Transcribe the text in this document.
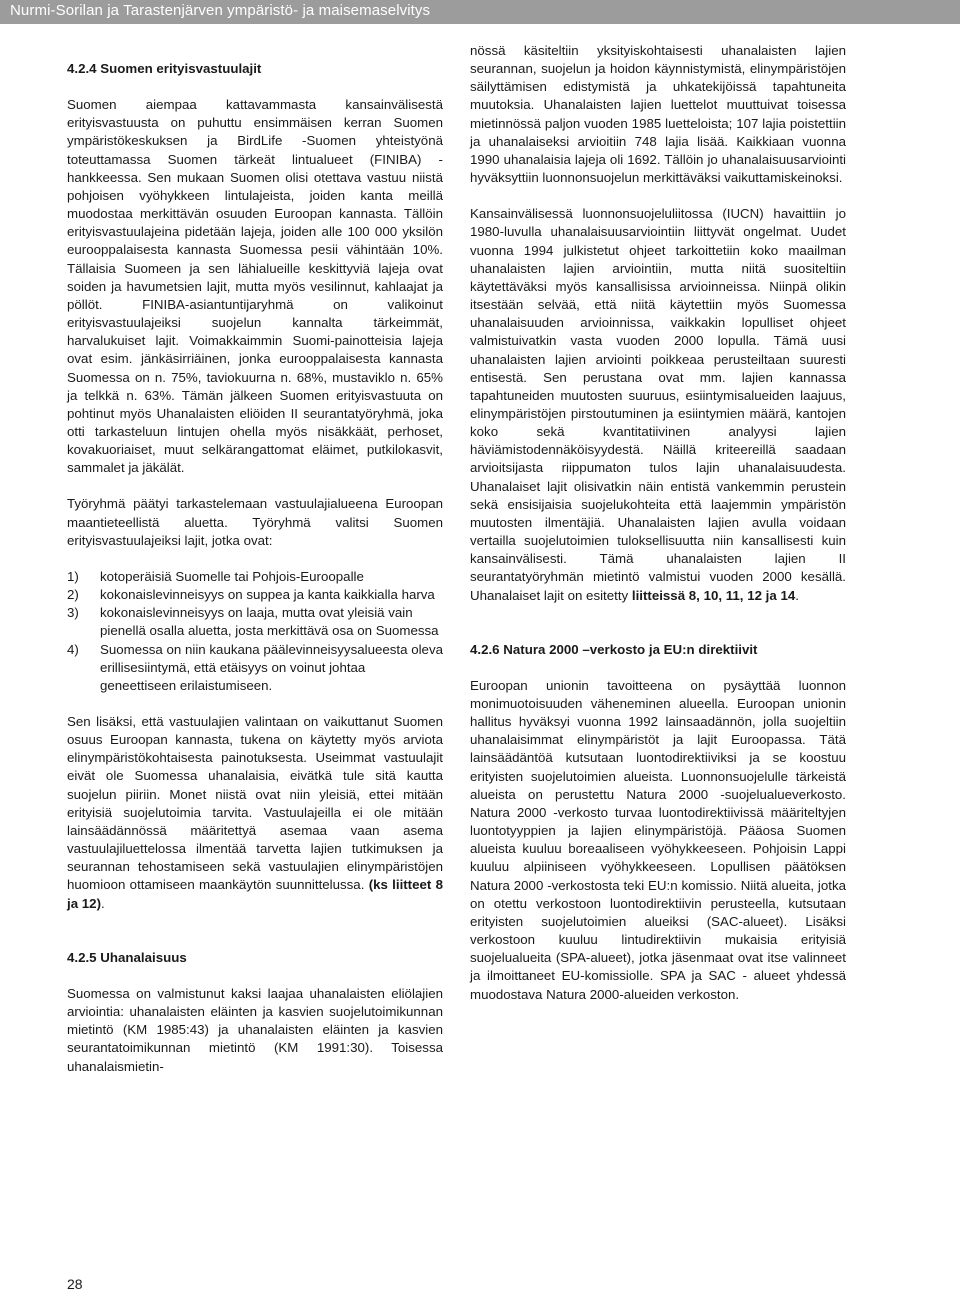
Nurmi-Sorilan ja Tarastenjärven ympäristö- ja maisemaselvitys
4.2.4 Suomen erityisvastuulajit

Suomen aiempaa kattavammasta kansainvälisestä erityisvastuusta on puhuttu ensimmäisen kerran Suomen ympäristökeskuksen ja BirdLife -Suomen yhteistyönä toteuttamassa Suomen tärkeät lintualueet (FINIBA) -hankkeessa. Sen mukaan Suomen olisi otettava vastuu niistä pohjoisen vyöhykkeen lintulajeista, joiden kanta meillä muodostaa merkittävän osuuden Euroopan kannasta. Tällöin erityisvastuulajeina pidetään lajeja, joiden alle 100 000 yksilön eurooppalaisesta kannasta Suomessa pesii vähintään 10%. Tällaisia Suomeen ja sen lähialueille keskittyviä lajeja ovat soiden ja havumetsien lajit, mutta myös vesilinnut, kahlaajat ja pöllöt. FINIBA-asiantuntijaryhmä on valikoinut erityisvastuulajeiksi suojelun kannalta tärkeimmät, harvalukuiset lajit. Voimakkaimmin Suomi-painotteisia lajeja ovat esim. jänkäsirriäinen, jonka eurooppalaisesta kannasta Suomessa on n. 75%, taviokuurna n. 68%, mustaviklo n. 65% ja telkkä n. 63%. Tämän jälkeen Suomen erityisvastuuta on pohtinut myös Uhanalaisten eliöiden II seurantatyöryhmä, joka otti tarkasteluun lintujen ohella myös nisäkkäät, perhoset, kovakuoriaiset, muut selkärangattomat eläimet, putkilokasvit, sammalet ja jäkälät.

Työryhmä päätyi tarkastelemaan vastuulajialueena Euroopan maantieteellistä aluetta. Työryhmä valitsi Suomen erityisvastuulajeiksi lajit, jotka ovat:

1) kotoperäisiä Suomelle tai Pohjois-Euroopalle
2) kokonaislevinneisyys on suppea ja kanta kaikkialla harva
3) kokonaislevinneisyys on laaja, mutta ovat yleisiä vain pienellä osalla aluetta, josta merkittävä osa on Suomessa
4) Suomessa on niin kaukana päälevinneisyysalueesta oleva erillisesiintymä, että etäisyys on voinut johtaa geneettiseen erilaistumiseen.

Sen lisäksi, että vastuulajien valintaan on vaikuttanut Suomen osuus Euroopan kannasta, tukena on käytetty myös arviota elinympäristökohtaisesta painotuksesta. Useimmat vastuulajit eivät ole Suomessa uhanalaisia, eivätkä tule sitä kautta suojelun piiriin. Monet niistä ovat niin yleisiä, ettei mitään erityisiä suojelutoimia tarvita. Vastuulajeilla ei ole mitään lainsäädännössä määritettyä asemaa vaan asema vastuulajiluettelossa ilmentää tarvetta lajien tutkimuksen ja seurannan tehostamiseen sekä vastuulajien elinympäristöjen huomioon ottamiseen maankäytön suunnittelussa. (ks liitteet 8 ja 12).

4.2.5 Uhanalaisuus

Suomessa on valmistunut kaksi laajaa uhanalaisten eliölajien arviointia: uhanalaisten eläinten ja kasvien suojelutoimikunnan mietintö (KM 1985:43) ja uhanalaisten eläinten ja kasvien seurantatoimikunnan mietintö (KM 1991:30). Toisessa uhanalaismietin-

nössä käsiteltiin yksityiskohtaisesti uhanalaisten lajien seurannan, suojelun ja hoidon käynnistymistä, elinympäristöjen säilyttämisen edistymistä ja uhkatekijöissä tapahtuneita muutoksia. Uhanalaisten lajien luettelot muuttuivat toisessa mietinnössä paljon vuoden 1985 luetteloista; 107 lajia poistettiin ja uhanalaiseksi arvioitiin 748 lajia lisää. Kaikkiaan vuonna 1990 uhanalaisia lajeja oli 1692. Tällöin jo uhanalaisuusarviointi hyväksyttiin luonnonsuojelun merkittäväksi vaikuttamiskeinoksi.

Kansainvälisessä luonnonsuojeluliitossa (IUCN) havaittiin jo 1980-luvulla uhanalaisuusarviointiin liittyvät ongelmat. Uudet vuonna 1994 julkistetut ohjeet tarkoittetiin koko maailman uhanalaisten lajien arviointiin, mutta niitä suositeltiin käytettäväksi myös kansallisissa arvioinneissa. Niinpä olikin itsestään selvää, että niitä käytettiin myös Suomessa uhanalaisuuden arvioinnissa, vaikkakin lopulliset ohjeet valmistuivatkin vasta vuoden 2000 lopulla. Tämä uusi uhanalaisten lajien arviointi poikkeaa perusteiltaan suuresti entisestä. Sen perustana ovat mm. lajien kannassa tapahtuneiden muutosten suuruus, esiintymisalueiden laajuus, elinympäristöjen pirstoutuminen ja esiintymien määrä, kantojen koko sekä kvantitatiivinen analyysi lajien häviämistodennäköisyydestä. Näillä kriteereillä saadaan arvioitsijasta riippumaton tulos lajin uhanalaisuudesta. Uhanalaiset lajit olisivatkin näin entistä vankemmin perustein sekä ensisijaisia suojelukohteita että laajemmin ympäristön muutosten ilmentäjiä. Uhanalaisten lajien avulla voidaan vertailla suojelutoimien tuloksellisuutta niin kansallisesti kuin kansainvälisesti. Tämä uhanalaisten lajien II seurantatyöryhmän mietintö valmistui vuoden 2000 kesällä. Uhanalaiset lajit on esitetty liitteissä 8, 10, 11, 12 ja 14.

4.2.6 Natura 2000 –verkosto ja EU:n direktiivit

Euroopan unionin tavoitteena on pysäyttää luonnon monimuotoisuuden väheneminen alueella. Euroopan unionin hallitus hyväksyi vuonna 1992 lainsaadännön, jolla suojeltiin uhanalaisimmat elinympäristöt ja lajit Euroopassa. Tätä lainsäädäntöä kutsutaan luontodirektiiviksi ja se koostuu erityisten suojelutoimien alueista. Luonnonsuojelulle tärkeistä alueista on perustettu Natura 2000 -suojelualueverkosto. Natura 2000 -verkosto turvaa luontodirektiivissä määriteltyjen luontotyyppien ja lajien elinympäristöjä. Pääosa Suomen alueista kuuluu boreaaliseen vyöhykkeeseen. Pohjoisin Lappi kuuluu alpiiniseen vyöhykkeeseen. Lopullisen päätöksen Natura 2000 -verkostosta teki EU:n komissio. Niitä alueita, jotka on otettu verkostoon luontodirektiivin perusteella, kutsutaan erityisten suojelutoimien alueiksi (SAC-alueet). Lisäksi verkostoon kuuluu lintudirektiivin mukaisia erityisiä suojelualueita (SPA-alueet), jotka jäsenmaat ovat itse valinneet ja ilmoittaneet EU-komissiolle. SPA ja SAC - alueet yhdessä muodostava Natura 2000-alueiden verkoston.

28
